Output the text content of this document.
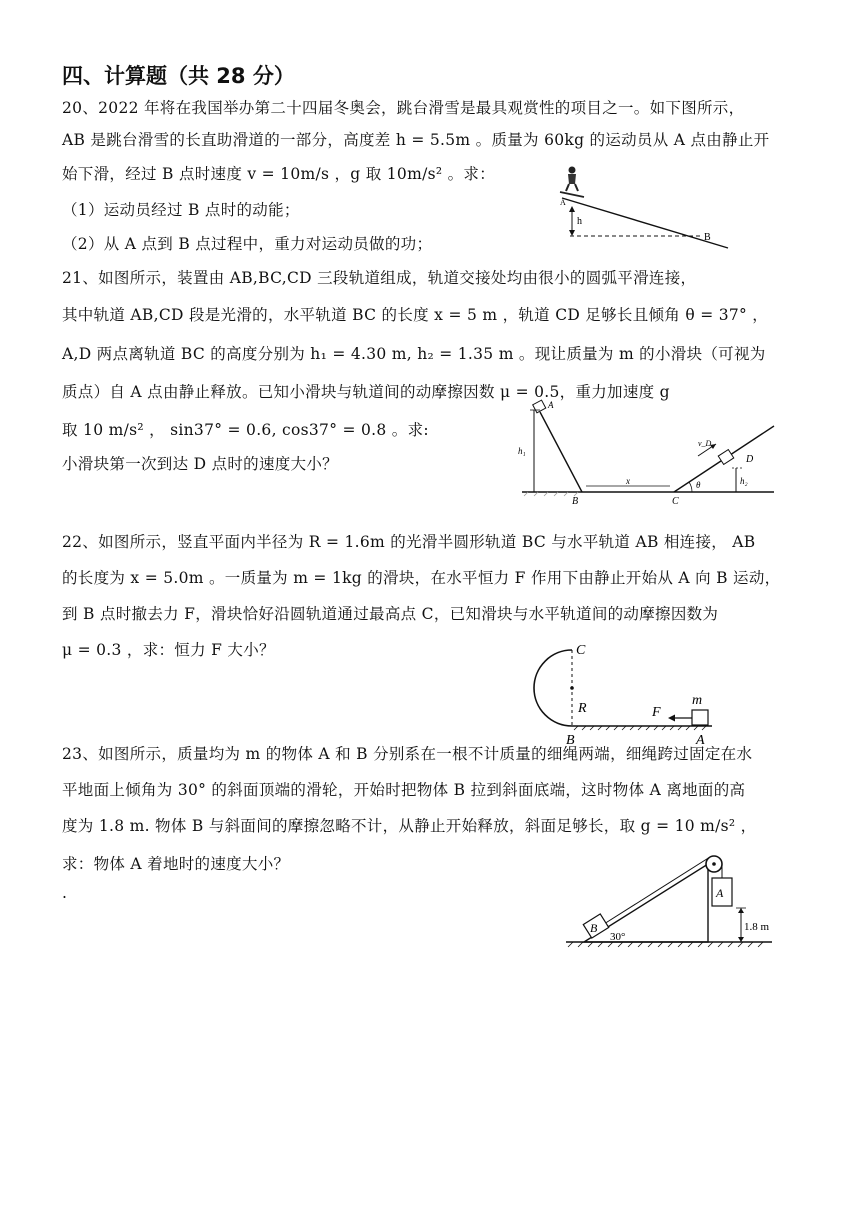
四、计算题（共 28 分）
20、2022 年将在我国举办第二十四届冬奥会，跳台滑雪是最具观赏性的项目之一。如下图所示，
AB 是跳台滑雪的长直助滑道的一部分，高度差 h = 5.5m 。质量为 60kg 的运动员从 A 点由静止开
始下滑，经过 B 点时速度 v = 10m/s ，g 取 10m/s² 。求：
（1）运动员经过 B 点时的动能；
（2）从 A 点到 B 点过程中，重力对运动员做的功；
A
h
B
21、如图所示，装置由 AB,BC,CD 三段轨道组成，轨道交接处均由很小的圆弧平滑连接，
其中轨道 AB,CD 段是光滑的，水平轨道 BC 的长度 x = 5 m ，轨道 CD 足够长且倾角 θ = 37° ，
A,D 两点离轨道 BC 的高度分别为 h₁ = 4.30 m, h₂ = 1.35 m 。现让质量为 m 的小滑块（可视为
质点）自 A 点由静止释放。已知小滑块与轨道间的动摩擦因数 μ = 0.5，重力加速度 g
取 10 m/s² ， sin37° = 0.6, cos37° = 0.8 。求:
小滑块第一次到达 D 点时的速度大小？
A
h₁
B
x
C
θ
v_D
D
h₂
22、如图所示，竖直平面内半径为 R = 1.6m 的光滑半圆形轨道 BC 与水平轨道 AB 相连接， AB
的长度为 x = 5.0m 。一质量为 m = 1kg 的滑块，在水平恒力 F 作用下由静止开始从 A 向 B 运动，
到 B 点时撤去力 F，滑块恰好沿圆轨道通过最高点 C，已知滑块与水平轨道间的动摩擦因数为
μ = 0.3 ，求：恒力 F 大小？	C
R	F
m
B	A
23、如图所示，质量均为 m 的物体 A 和 B 分别系在一根不计质量的细绳两端，细绳跨过固定在水
平地面上倾角为 30° 的斜面顶端的滑轮，开始时把物体 B 拉到斜面底端，这时物体 A 离地面的高
度为 1.8 m. 物体 B 与斜面间的摩擦忽略不计，从静止开始释放，斜面足够长，取 g = 10 m/s² ，
求：物体 A 着地时的速度大小？
.
B
30°
A
1.8 m
